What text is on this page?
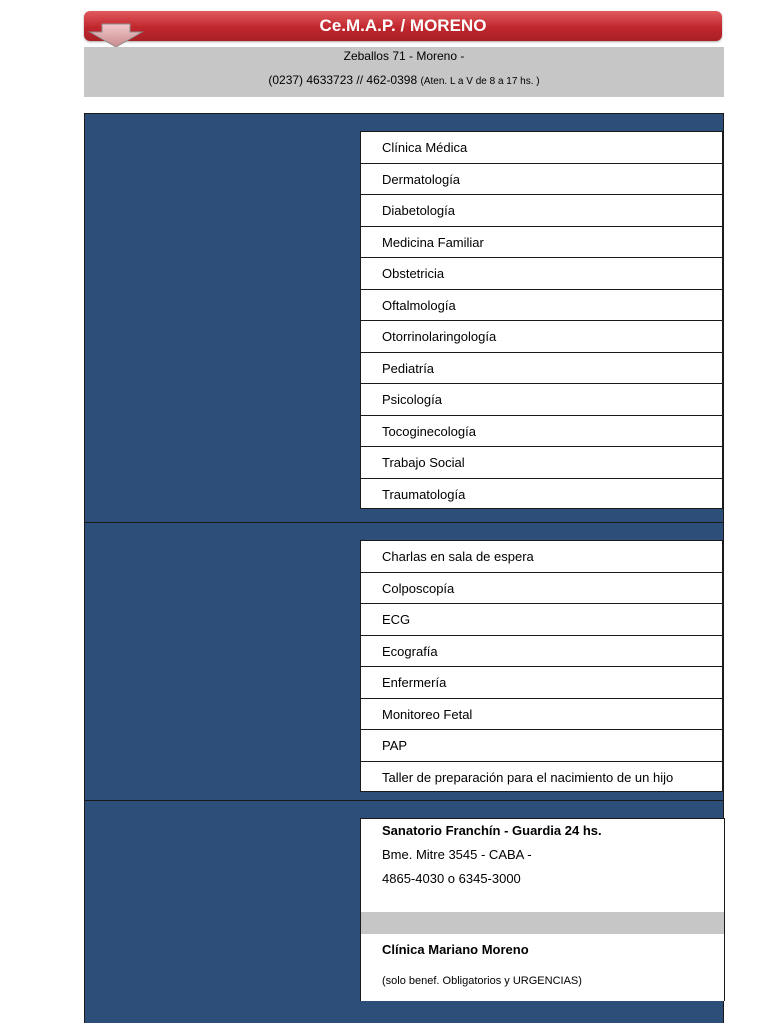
Ce.M.A.P. / MORENO
Zeballos 71 - Moreno -
(0237) 4633723 // 462-0398 (Aten. L a V de 8 a 17 hs. )
Clínica Médica
Dermatología
Diabetología
Medicina Familiar
Obstetricia
Oftalmología
Otorrinolaringología
Pediatría
Psicología
Tocoginecología
Trabajo Social
Traumatología
Charlas en sala de espera
Colposcopía
ECG
Ecografía
Enfermería
Monitoreo Fetal
PAP
Taller de preparación para el nacimiento de un hijo
Sanatorio Franchín - Guardia 24 hs.
Bme. Mitre 3545 - CABA -
4865-4030 o 6345-3000
Clínica Mariano Moreno
(solo benef. Obligatorios y URGENCIAS)
